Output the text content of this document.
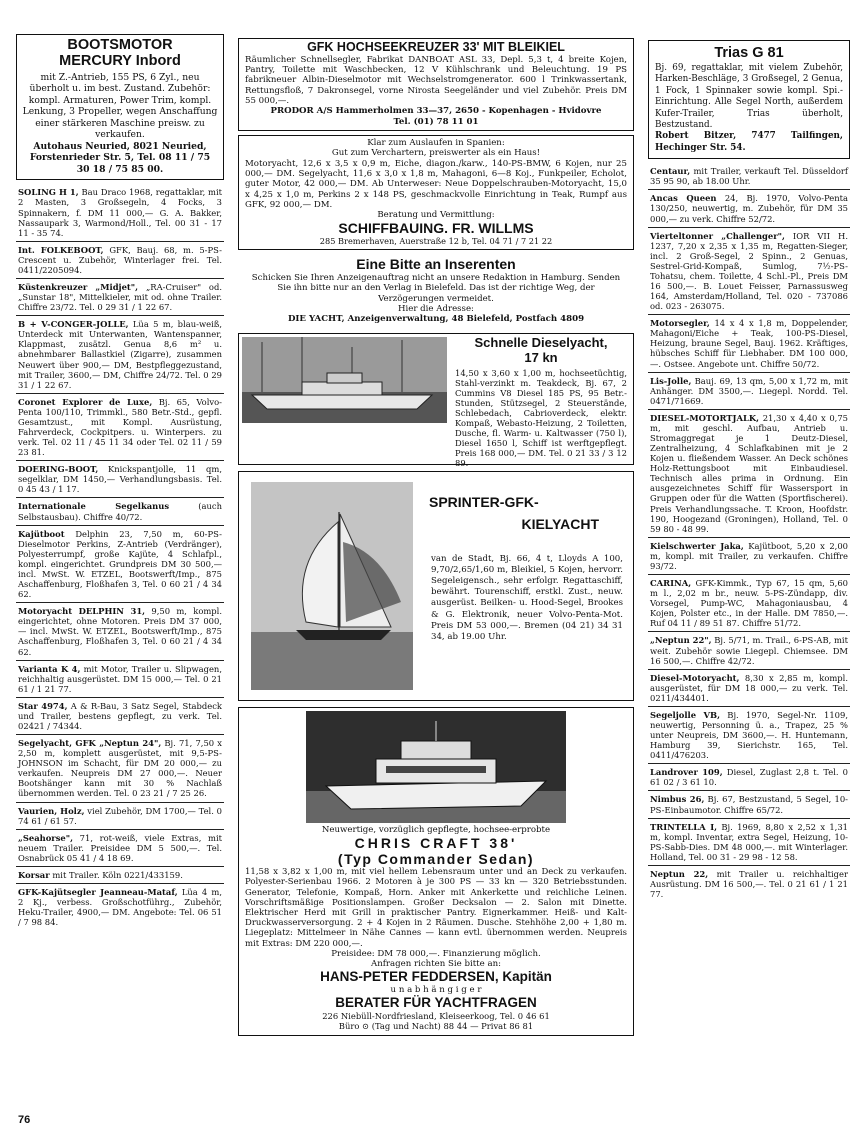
BOOTSMOTOR
MERCURY Inbord
mit Z.-Antrieb, 155 PS, 6 Zyl., neu überholt u. im best. Zustand. Zubehör: kompl. Armaturen, Power Trim, kompl. Lenkung, 3 Propeller, wegen Anschaffung einer stärkeren Maschine preisw. zu verkaufen.
Autohaus Neuried, 8021 Neuried, Forstenrieder Str. 5, Tel. 08 11 / 75 30 18 / 75 85 00.
SOLING H 1, Bau Draco 1968, regattaklar, mit 2 Masten, 3 Großsegeln, 4 Focks, 3 Spinnakern, f. DM 11 000,— G. A. Bakker, Nassaupark 3, Warmond/Holl., Tel. 00 31 - 17 11 - 35 74.
Int. FOLKEBOOT, GFK, Bauj. 68, m. 5-PS-Crescent u. Zubehör, Winterlager frei. Tel. 0411/2205094.
Küstenkreuzer „Midjet", „RA-Cruiser" od. „Sunstar 18", Mittelkieler, mit od. ohne Trailer. Chiffre 23/72. Tel. 0 29 31 / 1 22 67.
B + V-CONGER-JOLLE, Lüa 5 m, blau-weiß, Unterdeck mit Unterwanten, Wantenspanner, Klappmast, zusätzl. Genua 8,6 m² u. abnehmbarer Ballastkiel (Zigarre), zusammen Neuwert über 900,— DM, Bestpfleggezustand, mit Trailer, 3600,— DM, Chiffre 24/72. Tel. 0 29 31 / 1 22 67.
Coronet Explorer de Luxe, Bj. 65, Volvo-Penta 100/110, Trimmkl., 580 Betr.-Std., gepfl. Gesamtzust., mit Kompl. Ausrüstung, Fahrverdeck, Cockpitpers. u. Winterpers. zu verk. Tel. 02 11 / 45 11 34 oder Tel. 02 11 / 59 23 81.
DOERING-BOOT, Knickspantjolle, 11 qm, segelklar, DM 1450,— Verhandlungsbasis. Tel. 0 45 43 / 1 17.
Internationale Segelkanus	(auch Selbstausbau). Chiffre 40/72.
Kajütboot Delphin 23, 7,50 m, 60-PS-Dieselmotor Perkins, Z-Antrieb (Verdränger), Polyesterrumpf, große Kajüte, 4 Schlafpl., kompl. eingerichtet. Grundpreis DM 30 500,— incl. MwSt. W. ETZEL, Bootswerft/Imp., 875 Aschaffenburg, Floßhafen 3, Tel. 0 60 21 / 4 34 62.
Motoryacht DELPHIN 31, 9,50 m, kompl. eingerichtet, ohne Motoren. Preis DM 37 000,— incl. MwSt. W. ETZEL, Bootswerft/Imp., 875 Aschaffenburg, Floßhafen 3, Tel. 0 60 21 / 4 34 62.
Varianta K 4, mit Motor, Trailer u. Slipwagen, reichhaltig ausgerüstet. DM 15 000,— Tel. 0 21 61 / 1 21 77.
Star 4974, A & R-Bau, 3 Satz Segel, Stabdeck und Trailer, bestens gepflegt, zu verk. Tel. 02421 / 74344.
Segelyacht, GFK „Neptun 24", Bj. 71, 7,50 x 2,50 m, komplett ausgerüstet, mit 9,5-PS-JOHNSON im Schacht, für DM 20 000,— zu verkaufen. Neupreis DM 27 000,—. Neuer Bootshänger kann mit 30 % Nachlaß übernommen werden. Tel. 0 23 21 / 7 25 26.
Vaurien, Holz, viel Zubehör, DM 1700,— Tel. 0 74 61 / 61 57.
„Seahorse", 71, rot-weiß, viele Extras, mit neuem Trailer. Preisidee DM 5 500,—. Tel. Osnabrück 05 41 / 4 18 69.
Korsar mit Trailer. Köln 0221/433159.
GFK-Kajütsegler Jeanneau-Mataf, Lüa 4 m, 2 Kj., verbess. Großschotführg., Zubehör, Heku-Trailer, 4900,— DM. Angebote: Tel. 06 51 / 7 98 84.
GFK HOCHSEEKREUZER 33' MIT BLEIKIEL
Räumlicher Schnellsegler, Fabrikat DANBOAT ASL 33, Depl. 5,3 t, 4 breite Kojen, Pantry, Toilette mit Waschbecken, 12 V Kühlschrank und Beleuchtung. 19 PS fabrikneuer Albin-Dieselmotor mit Wechselstromgenerator. 600 l Trinkwassertank, Rettungsfloß, 7 Dakronsegel, vorne Nirosta Seegeländer und viel Zubehör. Preis DM 55 000,—.
PRODOR A/S Hammerholmen 33—37, 2650 - Kopenhagen - Hvidovre
Tel. (01) 78 11 01
Klar zum Auslaufen in Spanien:
Gut zum Verchartern, preiswerter als ein Haus!
Motoryacht, 12,6 x 3,5 x 0,9 m, Eiche, diagon./karw., 140-PS-BMW, 6 Kojen, nur 25 000,— DM. Segelyacht, 11,6 x 3,0 x 1,8 m, Mahagoni, 6—8 Koj., Funkpeiler, Echolot, guter Motor, 42 000,— DM. Ab Unterweser: Neue Doppelschrauben-Motoryacht, 15,0 x 4,25 x 1,0 m, Perkins 2 x 148 PS, geschmackvolle Einrichtung in Teak, Rumpf aus GFK, 92 000,— DM.
Beratung und Vermittlung:
SCHIFFBAUING. FR. WILLMS
285 Bremerhaven, Auerstraße 12 b, Tel. 04 71 / 7 21 22
Eine Bitte an Inserenten
Schicken Sie Ihren Anzeigenauftrag nicht an unsere Redaktion in Hamburg. Senden Sie ihn bitte nur an den Verlag in Bielefeld. Das ist der richtige Weg, der Verzögerungen vermeidet.
Hier die Adresse:
DIE YACHT, Anzeigenverwaltung, 48 Bielefeld, Postfach 4809
Schnelle Dieselyacht,
17 kn
14,50 x 3,60 x 1,00 m, hochseetüchtig, Stahl-verzinkt m. Teakdeck, Bj. 67, 2 Cummins V8 Diesel 185 PS, 95 Betr.-Stunden, Stützsegel, 2 Steuerstände, Schlebedach, Cabrioverdeck, elektr. Kompaß, Webasto-Heizung, 2 Toiletten, Dusche, fl. Warm- u. Kaltwasser (750 l), Diesel 1650 l, Schiff ist werftgepflegt. Preis 168 000,— DM. Tel. 0 21 33 / 3 12 89.
SPRINTER-GFK-
KIELYACHT
van de Stadt, Bj. 66, 4 t, Lloyds A 100, 9,70/2,65/1,60 m, Bleikiel, 5 Kojen, hervorr. Segeleigensch., sehr erfolgr. Regattaschiff, bewährt. Tourenschiff, erstkl. Zust., neuw. ausgerüst. Beilken- u. Hood-Segel, Brookes & G. Elektronik, neuer Volvo-Penta-Mot. Preis DM 53 000,—. Bremen (04 21) 34 31 34, ab 19.00 Uhr.
Neuwertige, vorzüglich gepflegte, hochsee-erprobte
CHRIS CRAFT 38'
(Typ Commander Sedan)
11,58 x 3,82 x 1,00 m, mit viel hellem Lebensraum unter und an Deck zu verkaufen. Polyester-Serienbau 1966. 2 Motoren à je 300 PS — 33 kn — 320 Betriebsstunden. Generator, Telefonie, Kompaß, Horn. Anker mit Ankerkette und reichliche Leinen. Vorschriftsmäßige Positionslampen. Großer Decksalon — 2. Salon mit Dinette. Elektrischer Herd mit Grill in praktischer Pantry. Eignerkammer. Heiß- und Kalt-Druckwasserversorgung. 2 + 4 Kojen in 2 Räumen. Dusche. Stehhöhe 2,00 + 1,80 m. Liegeplatz: Mittelmeer in Nähe Cannes — kann evtl. übernommen werden. Neupreis mit Extras: DM 220 000,—.
Preisidee: DM 78 000,—. Finanzierung möglich.
Anfragen richten Sie bitte an:
HANS-PETER FEDDERSEN, Kapitän
u n a b h ä n g i g e r
BERATER FÜR YACHTFRAGEN
226 Niebüll-Nordfriesland, Kleiseerkoog, Tel. 0 46 61
Büro ⊙ (Tag und Nacht) 88 44 — Privat 86 81
Trias G 81
Bj. 69, regattaklar, mit vielem Zubehör, Harken-Beschläge, 3 Großsegel, 2 Genua, 1 Fock, 1 Spinnaker sowie kompl. Spi.-Einrichtung. Alle Segel North, außerdem Kufer-Trailer, Trias überholt, Bestzustand.
Robert Bitzer, 7477 Tailfingen, Hechinger Str. 54.
Centaur, mit Trailer, verkauft Tel. Düsseldorf 35 95 90, ab 18.00 Uhr.
Ancas Queen 24, Bj. 1970, Volvo-Penta 130/250, neuwertig, m. Zubehör, für DM 35 000,— zu verk. Chiffre 52/72.
Vierteltonner „Challenger", IOR VII H. 1237, 7,20 x 2,35 x 1,35 m, Regatten-Sieger, incl. 2 Groß-Segel, 2 Spinn., 2 Genuas, Sestrel-Grid-Kompaß, Sumlog, 7½-PS-Tohatsu, chem. Toilette, 4 Schl.-Pl., Preis DM 16 500,—. B. Louet Feisser, Parnassusweg 164, Amsterdam/Holland, Tel. 020 - 737086 od. 023 - 263075.
Motorsegler, 14 x 4 x 1,8 m, Doppelender, Mahagoni/Eiche + Teak, 100-PS-Diesel, Heizung, braune Segel, Bauj. 1962. Kräftiges, hübsches Schiff für Liebhaber. DM 100 000,—. Ostsee. Angebote unt. Chiffre 50/72.
Lis-Jolle, Bauj. 69, 13 qm, 5,00 x 1,72 m, mit Anhänger. DM 3500,—. Liegepl. Nordd. Tel. 0471/71669.
DIESEL-MOTORTJALK, 21,30 x 4,40 x 0,75 m, mit geschl. Aufbau, Antrieb u. Stromaggregat je 1 Deutz-Diesel, Zentralheizung, 4 Schlafkabinen mit je 2 Kojen u. fließendem Wasser. An Deck schönes Holz-Rettungsboot mit Einbaudiesel. Technisch alles prima in Ordnung. Ein ausgezeichnetes Schiff für Wassersport in Gruppen oder für die Watten (Sportfischerei). Preis Verhandlungssache. T. Kroon, Hoofdstr. 190, Hoogezand (Groningen), Holland, Tel. 0 59 80 - 48 99.
Kielschwerter Jaka, Kajütboot, 5,20 x 2,00 m, kompl. mit Trailer, zu verkaufen. Chiffre 93/72.
CARINA, GFK-Kimmk., Typ 67, 15 qm, 5,60 m l., 2,02 m br., neuw. 5-PS-Zündapp, div. Vorsegel, Pump-WC, Mahagoniausbau, 4 Kojen, Polster etc., in der Halle. DM 7850,—. Ruf 04 11 / 89 51 87. Chiffre 51/72.
„Neptun 22", Bj. 5/71, m. Trail., 6-PS-AB, mit weit. Zubehör sowie Liegepl. Chiemsee. DM 16 500,—. Chiffre 42/72.
Diesel-Motoryacht, 8,30 x 2,85 m, kompl. ausgerüstet, für DM 18 000,— zu verk. Tel. 0211/434401.
Segeljolle VB, Bj. 1970, Segel-Nr. 1109, neuwertig, Personning ü. a., Trapez, 25 % unter Neupreis, DM 3600,—. H. Huntemann, Hamburg 39, Sierichstr. 165, Tel. 0411/476203.
Landrover 109, Diesel, Zuglast 2,8 t. Tel. 0 61 02 / 3 61 10.
Nimbus 26, Bj. 67, Bestzustand, 5 Segel, 10-PS-Einbaumotor. Chiffre 65/72.
TRINTELLA I, Bj. 1969, 8,80 x 2,52 x 1,31 m, kompl. Inventar, extra Segel, Heizung, 10-PS-Sabb-Dies. DM 48 000,—. mit Winterlager. Holland, Tel. 00 31 - 29 98 - 12 58.
Neptun 22, mit Trailer u. reichhaltiger Ausrüstung. DM 16 500,—. Tel. 0 21 61 / 1 21 77.
76
